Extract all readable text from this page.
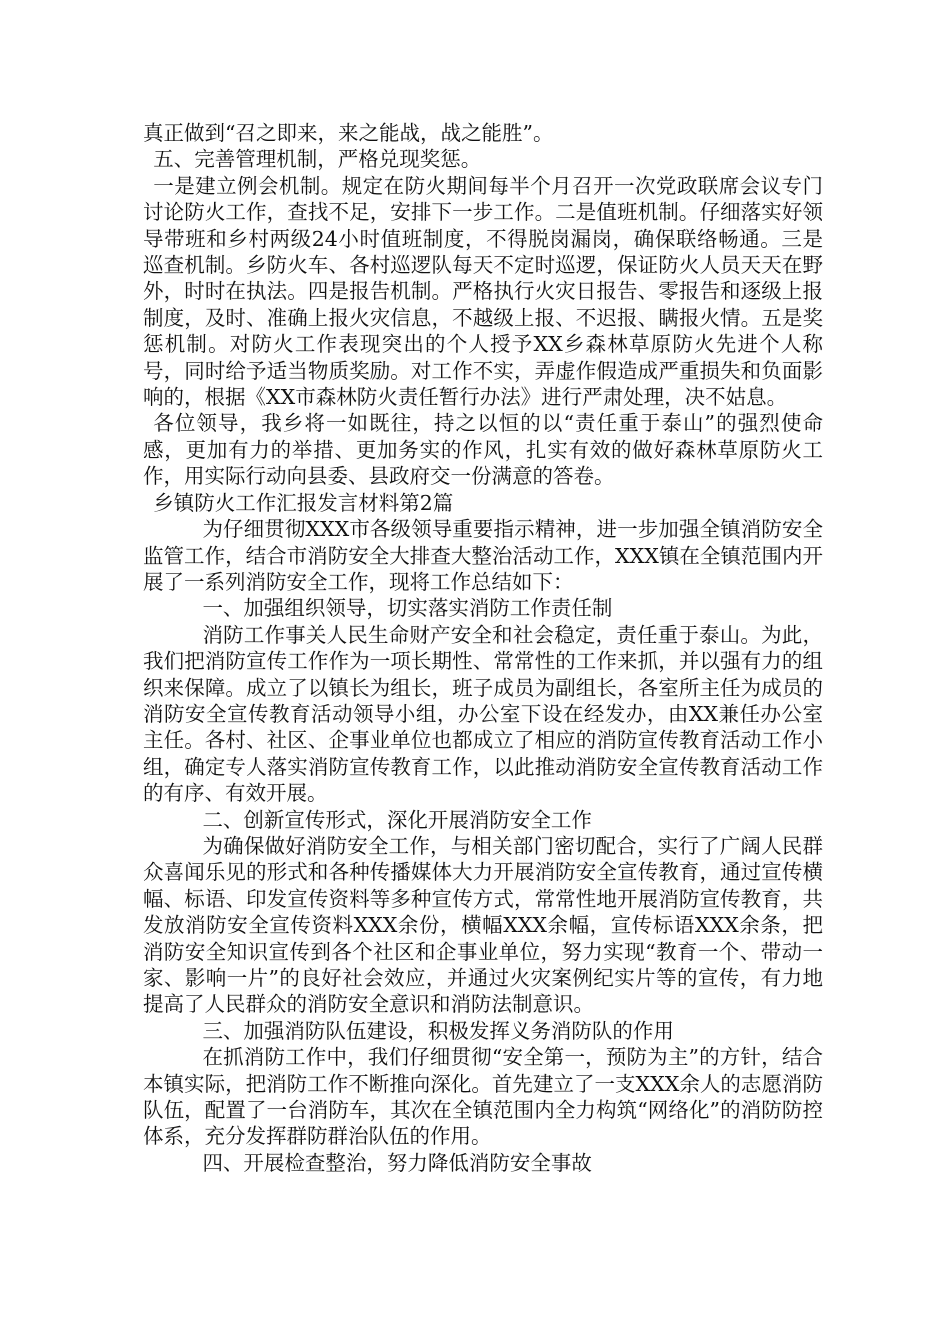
真正做到“召之即来，来之能战，战之能胜”。

五、完善管理机制，严格兑现奖惩。

一是建立例会机制。规定在防火期间每半个月召开一次党政联席会议专门讨论防火工作，查找不足，安排下一步工作。二是值班机制。仔细落实好领导带班和乡村两级24小时值班制度，不得脱岗漏岗，确保联络畅通。三是巡查机制。乡防火车、各村巡逻队每天不定时巡逻，保证防火人员天天在野外，时时在执法。四是报告机制。严格执行火灾日报告、零报告和逐级上报制度，及时、准确上报火灾信息，不越级上报、不迟报、瞒报火情。五是奖惩机制。对防火工作表现突出的个人授予XX乡森林草原防火先进个人称号，同时给予适当物质奖励。对工作不实，弄虚作假造成严重损失和负面影响的，根据《XX市森林防火责任暂行办法》进行严肃处理，决不姑息。

各位领导，我乡将一如既往，持之以恒的以“责任重于泰山”的强烈使命感，更加有力的举措、更加务实的作风，扎实有效的做好森林草原防火工作，用实际行动向县委、县政府交一份满意的答卷。

乡镇防火工作汇报发言材料第2篇

为仔细贯彻XXX市各级领导重要指示精神，进一步加强全镇消防安全监管工作，结合市消防安全大排查大整治活动工作，XXX镇在全镇范围内开展了一系列消防安全工作，现将工作总结如下：

一、加强组织领导，切实落实消防工作责任制

消防工作事关人民生命财产安全和社会稳定，责任重于泰山。为此，我们把消防宣传工作作为一项长期性、常常性的工作来抓，并以强有力的组织来保障。成立了以镇长为组长，班子成员为副组长，各室所主任为成员的消防安全宣传教育活动领导小组，办公室下设在经发办，由XX兼任办公室主任。各村、社区、企事业单位也都成立了相应的消防宣传教育活动工作小组，确定专人落实消防宣传教育工作，以此推动消防安全宣传教育活动工作的有序、有效开展。

二、创新宣传形式，深化开展消防安全工作

为确保做好消防安全工作，与相关部门密切配合，实行了广阔人民群众喜闻乐见的形式和各种传播媒体大力开展消防安全宣传教育，通过宣传横幅、标语、印发宣传资料等多种宣传方式，常常性地开展消防宣传教育，共发放消防安全宣传资料XXX余份，横幅XXX余幅，宣传标语XXX余条，把消防安全知识宣传到各个社区和企事业单位，努力实现“教育一个、带动一家、影响一片”的良好社会效应，并通过火灾案例纪实片等的宣传，有力地提高了人民群众的消防安全意识和消防法制意识。

三、加强消防队伍建设，积极发挥义务消防队的作用

在抓消防工作中，我们仔细贯彻“安全第一，预防为主”的方针，结合本镇实际，把消防工作不断推向深化。首先建立了一支XXX余人的志愿消防队伍，配置了一台消防车，其次在全镇范围内全力构筑“网络化”的消防防控体系，充分发挥群防群治队伍的作用。

四、开展检查整治，努力降低消防安全事故
